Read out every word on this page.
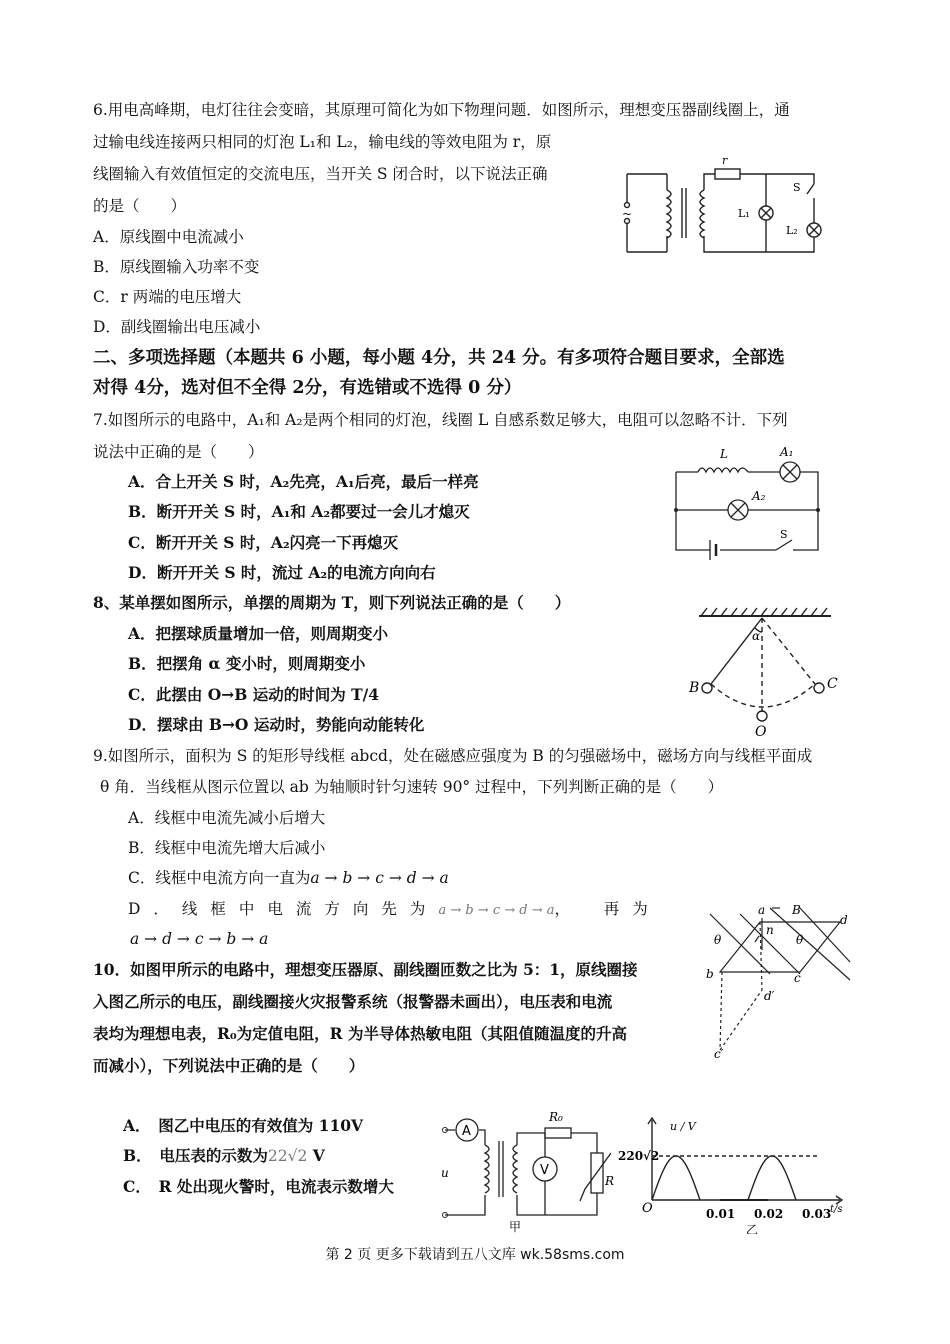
6.用电高峰期，电灯往往会变暗，其原理可简化为如下物理问题．如图所示，理想变压器副线圈上，通
过输电线连接两只相同的灯泡 L₁和 L₂，输电线的等效电阻为 r，原
线圈输入有效值恒定的交流电压，当开关 S 闭合时，以下说法正确
的是（　　）
A．原线圈中电流减小
B．原线圈输入功率不变
C．r 两端的电压增大
D．副线圈输出电压减小
r
S
L₁
L₂
~
二、多项选择题（本题共 6 小题，每小题 4分，共 24 分。有多项符合题目要求，全部选
对得 4分，选对但不全得 2分，有选错或不选得 0 分）
7.如图所示的电路中，A₁和 A₂是两个相同的灯泡，线圈 L 自感系数足够大，电阻可以忽略不计．下列
说法中正确的是（　　）
A．合上开关 S 时，A₂先亮，A₁后亮，最后一样亮
B．断开开关 S 时，A₁和 A₂都要过一会儿才熄灭
C．断开开关 S 时，A₂闪亮一下再熄灭
D．断开开关 S 时，流过 A₂的电流方向向右
L	A₁
A₂
S
8、某单摆如图所示，单摆的周期为 T，则下列说法正确的是（　　）
A．把摆球质量增加一倍，则周期变小
B．把摆角 α 变小时，则周期变小
C．此摆由 O→B 运动的时间为 T/4
D．摆球由 B→O 运动时，势能向动能转化
α
B	C
O
9.如图所示，面积为 S 的矩形导线框 abcd，处在磁感应强度为 B 的匀强磁场中，磁场方向与线框平面成
θ 角．当线框从图示位置以 ab 为轴顺时针匀速转 90° 过程中，下列判断正确的是（　　）
A．线框中电流先减小后增大
B．线框中电流先增大后减小
C．线框中电流方向一直为a → b → c → d → a
D．线框中电流方向先为a → b → c → d → a，　再为
a → d → c → b → a
a
b
B
d
n
θ	θ
c
d′
c′
10．如图甲所示的电路中，理想变压器原、副线圈匝数之比为 5：1，原线圈接
入图乙所示的电压，副线圈接火灾报警系统（报警器未画出），电压表和电流
表均为理想电表，R₀为定值电阻，R 为半导体热敏电阻（其阻值随温度的升高
而减小），下列说法中正确的是（　　）
A．　图乙中电压的有效值为 110V
B．　电压表的示数为22√2 V
C．　R 处出现火警时，电流表示数增大
A
V
R₀
R
u
甲
u / V
220√2
O	0.01 0.02 0.03
t/s
乙
第 2 页 更多下载请到五八文库 wk.58sms.com
